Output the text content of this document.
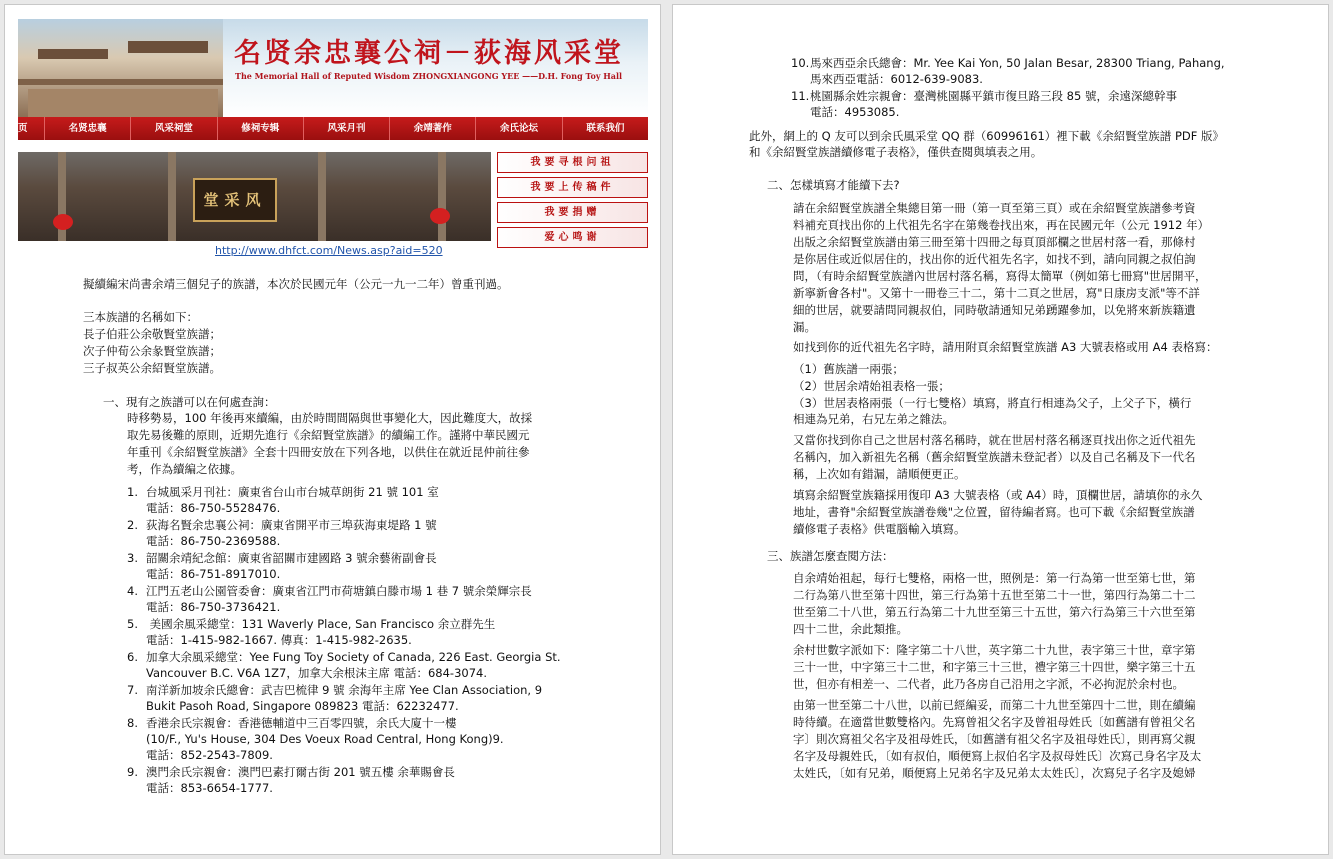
名贤余忠襄公祠－荻海风采堂
The Memorial Hall of Reputed Wisdom ZHONGXIANGONG YEE ——D.H. Fong Toy Hall
页	名贤忠襄	风采祠堂	修祠专辑	风采月刊	余靖著作	余氏论坛	联系我们
堂采风
我要寻根问祖
我要上传稿件
我要捐赠
爱心鸣谢
http://www.dhfct.com/News.asp?aid=520
擬續編宋尚書余靖三個兒子的族譜，本次於民國元年（公元一九一二年）曾重刊過。
三本族譜的名稱如下：
長子伯莊公余敬賢堂族譜；
次子仲荀公余彖賢堂族譜；
三子叔英公余紹賢堂族譜。
一、現有之族譜可以在何處查詢：
時移勢易，100 年後再來續編，由於時間間隔與世事變化大，因此難度大，故採
取先易後難的原則，近期先進行《余紹賢堂族譜》的續編工作。謹將中華民國元
年重刊《余紹賢堂族譜》全套十四冊安放在下列各地，以供住在就近昆仲前往參
考，作為續編之依據。
1. 台城風采月刊社：廣東省台山市台城草朗街 21 號 101 室
電話：86-750-5528476.
2. 荻海名賢余忠襄公祠：廣東省開平市三埠荻海東堤路 1 號
電話：86-750-2369588.
3. 韶關余靖紀念館：廣東省韶關市建國路 3 號余藝術副會長
電話：86-751-8917010.
4. 江門五老山公園管委會：廣東省江門市荷塘鎮白滕市場 1 巷 7 號余榮輝宗長
電話：86-750-3736421.
5. 美國余風采總堂：131 Waverly Place, San Francisco 余立群先生
電話：1-415-982-1667. 傳真：1-415-982-2635.
6. 加拿大余風采總堂：Yee Fung Toy Society of Canada, 226 East. Georgia St.
Vancouver B.C. V6A 1Z7，加拿大余根沫主席 電話：684-3074.
7. 南洋新加坡余氏總會：武吉巴梳律 9 號 余海年主席 Yee Clan Association, 9
Bukit Pasoh Road, Singapore 089823 電話：62232477.
8. 香港余氏宗親會：香港德輔道中三百零四號，余氏大廈十一樓
(10/F., Yu's House, 304 Des Voeux Road Central, Hong Kong)9.
電話：852-2543-7809.
9. 澳門余氏宗親會：澳門巴素打爾古街 201 號五樓 余華賜會長
電話：853-6654-1777.
10.馬來西亞余氏總會：Mr. Yee Kai Yon, 50 Jalan Besar, 28300 Triang, Pahang,
馬來西亞電話：6012-639-9083.
11.桃園縣余姓宗親會：臺灣桃園縣平鎮市復旦路三段 85 號，余遠深總幹事
電話：4953085.
此外，網上的 Q 友可以到余氏風采堂 QQ 群（60996161）裡下載《余紹賢堂族譜 PDF 版》
和《余紹賢堂族譜續修電子表格》，僅供查閱與填表之用。
二、怎樣填寫才能續下去?
請在余紹賢堂族譜全集總目第一冊（第一頁至第三頁）或在余紹賢堂族譜參考資
料補充頁找出你的上代祖先名字在第幾卷找出來，再在民國元年（公元 1912 年）
出版之余紹賢堂族譜由第三冊至第十四冊之每頁頂部欄之世居村落一看，那條村
是你居住或近似居住的，找出你的近代祖先名字，如找不到，請向同親之叔伯詢
問，（有時余紹賢堂族譜內世居村落名稱，寫得太簡單（例如第七冊寫"世居開平，
新寧新會各村"。又第十一冊卷三十二，第十二頁之世居，寫"日康房支派"等不詳
細的世居，就要請問同親叔伯，同時敬請通知兄弟踴躍參加，以免將來新族籍遺
漏。
如找到你的近代祖先名字時，請用附頁余紹賢堂族譜 A3 大號表格或用 A4 表格寫：
（1）舊族譜一兩張；
（2）世居余靖始祖表格一張；
（3）世居表格兩張（一行七雙格）填寫，將直行相連為父子，上父子下，橫行
相連為兄弟，右兄左弟之雜法。
又當你找到你自己之世居村落名稱時，就在世居村落名稱逐頁找出你之近代祖先
名稱內，加入新祖先名稱（舊余紹賢堂族譜未登記者）以及自己名稱及下一代名
稱，上次如有錯漏，請順便更正。
填寫余紹賢堂族籍採用復印 A3 大號表格（或 A4）時，頂欄世居，請填你的永久
地址，書脊"余紹賢堂族譜卷幾"之位置，留待編者寫。也可下載《余紹賢堂族譜
續修電子表格》供電腦輸入填寫。
三、族譜怎麼查閱方法：
自余靖始祖起，每行七雙格，兩格一世，照例是：第一行為第一世至第七世，第
二行為第八世至第十四世，第三行為第十五世至第二十一世，第四行為第二十二
世至第二十八世，第五行為第二十九世至第三十五世，第六行為第三十六世至第
四十二世，余此類推。
余村世數字派如下：隆字第二十八世，英字第二十九世，表字第三十世，章字第
三十一世，中字第三十二世，和字第三十三世，禮字第三十四世，樂字第三十五
世，但亦有相差一、二代者，此乃各房自己沿用之字派，不必拘泥於余村也。
由第一世至第二十八世，以前已經編妥，而第二十九世至第四十二世，則在續編
時待續。在適當世數雙格內。先寫曾祖父名字及曾祖母姓氏〔如舊譜有曾祖父名
字〕則次寫祖父名字及祖母姓氏，〔如舊譜有祖父名字及祖母姓氏〕，則再寫父親
名字及母親姓氏，〔如有叔伯，順便寫上叔伯名字及叔母姓氏〕次寫己身名字及太
太姓氏，〔如有兄弟，順便寫上兄弟名字及兄弟太太姓氏〕，次寫兒子名字及媳婦
